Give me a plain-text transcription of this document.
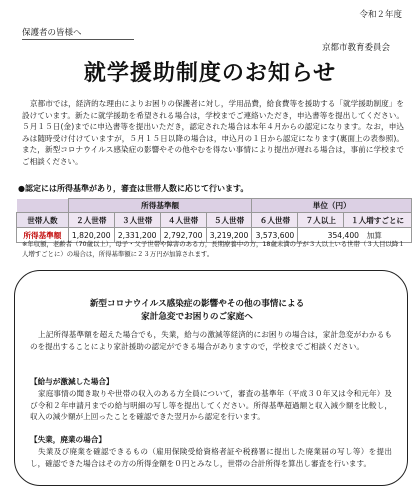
令和２年度
保護者の皆様へ
京都市教育委員会
就学援助制度のお知らせ
京都市では，経済的な理由によりお困りの保護者に対し，学用品費，給食費等を援助する「就学援助制度」を設けています。新たに就学援助を希望される場合は，学校までご連絡いただき，申込書等を提出してください。５月１５日(金)までに申込書等を提出いただき，認定された場合は本年４月からの認定になります。なお，申込みは随時受け付けていますが，５月１５日以降の場合は，申込月の１日から認定になります(裏面上の表参照)。また，新型コロナウイルス感染症の影響やその他やむを得ない事情により提出が遅れる場合は，事前に学校までご相談ください。
●認定には所得基準があり，審査は世帯人数に応じて行います。
	所得基準額				単位（円）		
世帯人数	２人世帯	３人世帯	４人世帯	５人世帯	６人世帯	７人以上	１人増すごとに
所得基準額	1,820,200	2,331,200	2,792,700	3,219,200	3,573,600	354,400　加算	
※年収額，老齢者（70歳以上），母子・父子世帯や障害のある方，長期療養中の方，18歳未満の子が３人以上いる世帯（３人目以降１人増すごとに）の場合は，所得基準額に２３万円が加算されます。
新型コロナウイルス感染症の影響やその他の事情による
家計急変でお困りのご家庭へ
上記所得基準額を超えた場合でも，失業，給与の激減等経済的にお困りの場合は，家計急変がわかるものを提出することにより家計援助の認定ができる場合がありますので，学校までご相談ください。
【給与が激減した場合】
家庭事情の聞き取りや世帯の収入のある方全員について，審査の基準年（平成３０年又は令和元年）及び令和２年申請月までの給与明細の写し等を提出してください。所得基準超過額と収入減少額を比較し，収入の減少額が上回ったことを確認できた翌月から認定を行います。
【失業，廃業の場合】
失業及び廃業を確認できるもの（雇用保険受給資格者証や税務署に提出した廃業届の写し等）を提出し，確認できた場合はその方の所得金額を０円とみなし，世帯の合計所得を算出し審査を行います。
